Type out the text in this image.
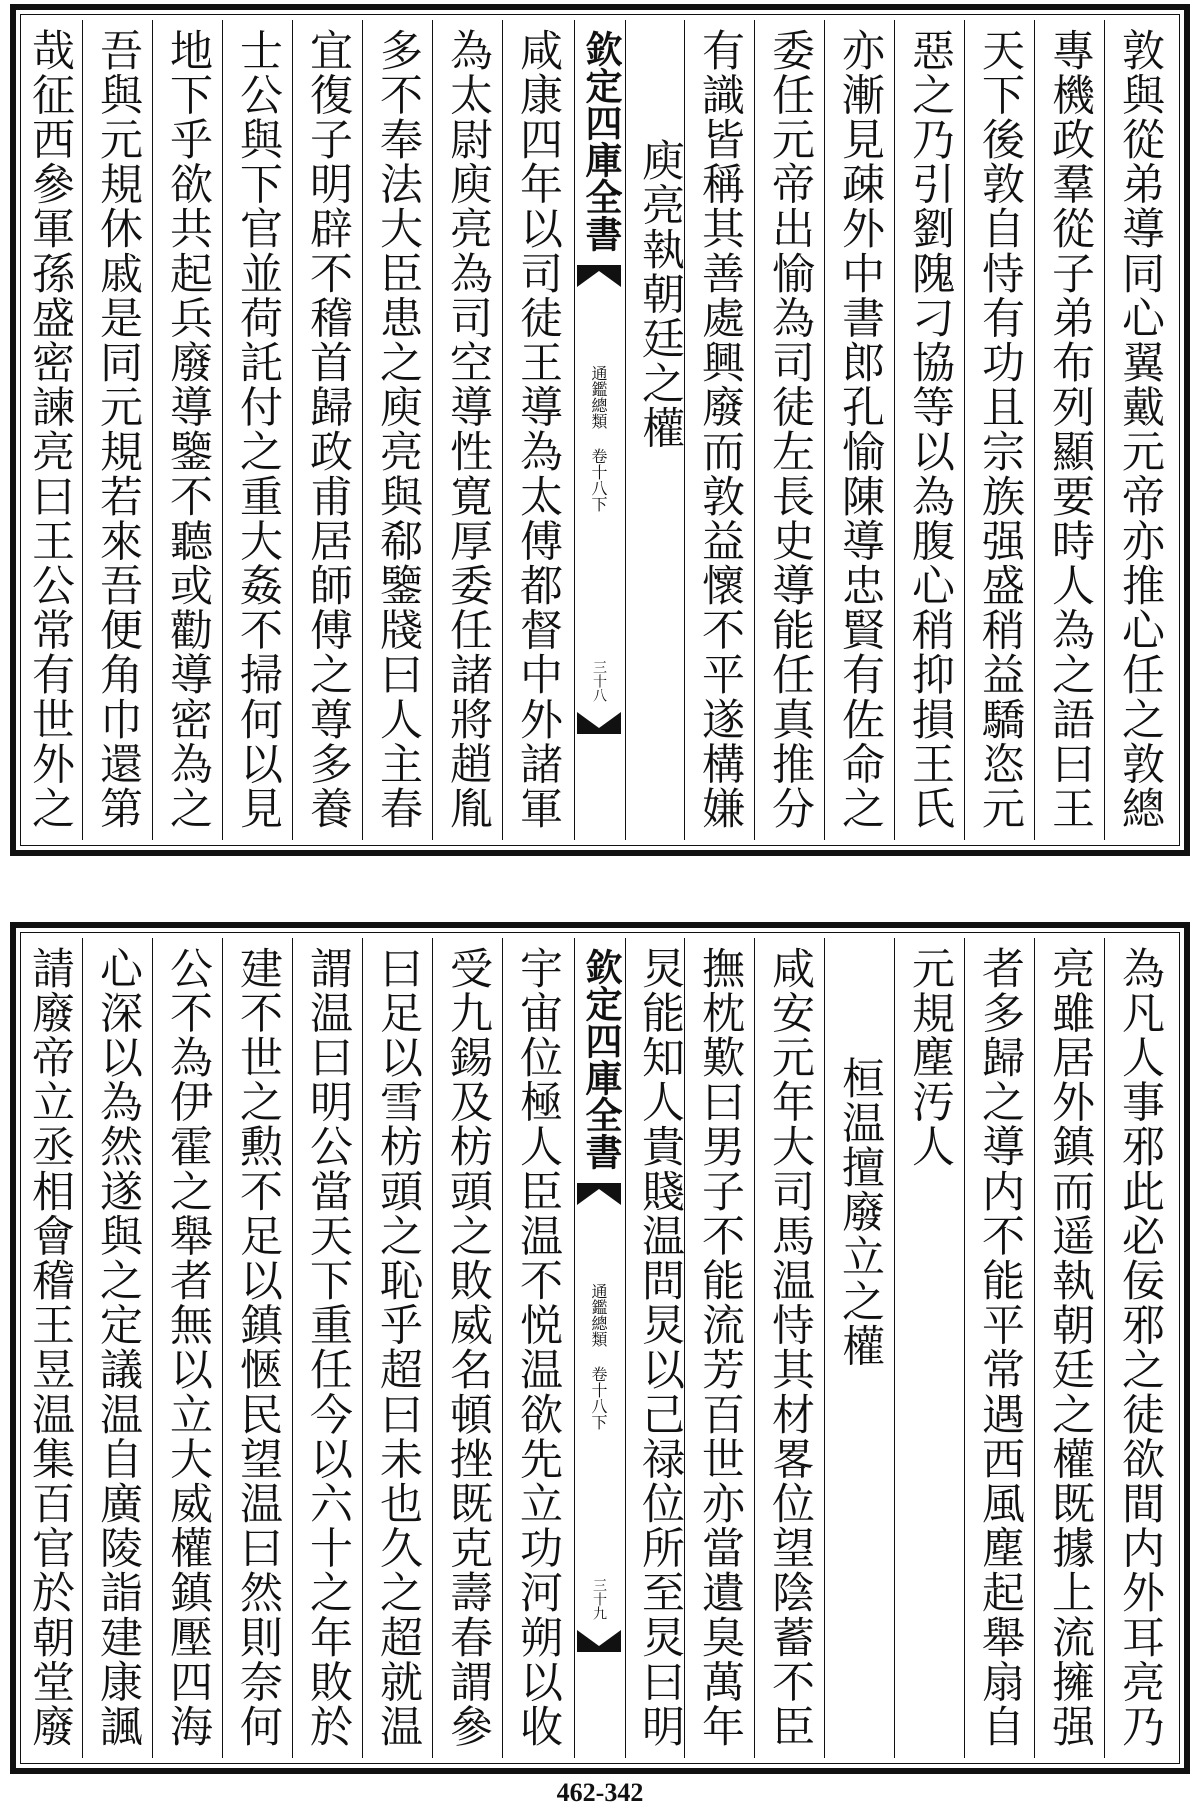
敦與從弟導同心翼戴元帝亦推心任之敦總
專機政羣從子弟布列顯要時人為之語曰王
天下後敦自恃有功且宗族强盛稍益驕恣元
惡之乃引劉隗刁協等以為腹心稍抑損王氏
亦漸見疎外中書郎孔愉陳導忠賢有佐命之
委任元帝出愉為司徒左長史導能任真推分
有識皆稱其善處興廢而敦益懷不平遂構嫌
庾亮執朝廷之權
欽定四庫全書
通鑑總類 卷十八下
三十八
咸康四年以司徒王導為太傅都督中外諸軍
為太尉庾亮為司空導性寛厚委任諸將趙胤
多不奉法大臣患之庾亮與郗鑒牋曰人主春
宜復子明辟不稽首歸政甫居師傅之尊多養
士公與下官並荷託付之重大姦不掃何以見
地下乎欲共起兵廢導鑒不聽或勸導密為之
吾與元規休戚是同元規若來吾便角巾還第
哉征西參軍孫盛密諫亮曰王公常有世外之
為凡人事邪此必佞邪之徒欲間内外耳亮乃
亮雖居外鎮而遥執朝廷之權既據上流擁强
者多歸之導内不能平常遇西風塵起舉扇自
元規塵汚人
桓温擅廢立之權
咸安元年大司馬温恃其材畧位望陰蓄不臣
撫枕歎曰男子不能流芳百世亦當遺臭萬年
炅能知人貴賤温問炅以己禄位所至炅曰明
欽定四庫全書
通鑑總類 卷十八下
三十九
宇宙位極人臣温不悦温欲先立功河朔以收
受九錫及枋頭之敗威名頓挫既克壽春謂參
曰足以雪枋頭之恥乎超曰未也久之超就温
謂温曰明公當天下重任今以六十之年敗於
建不世之勲不足以鎮愜民望温曰然則奈何
公不為伊霍之舉者無以立大威權鎮壓四海
心深以為然遂與之定議温自廣陵詣建康諷
請廢帝立丞相會稽王昱温集百官於朝堂廢
462-342
